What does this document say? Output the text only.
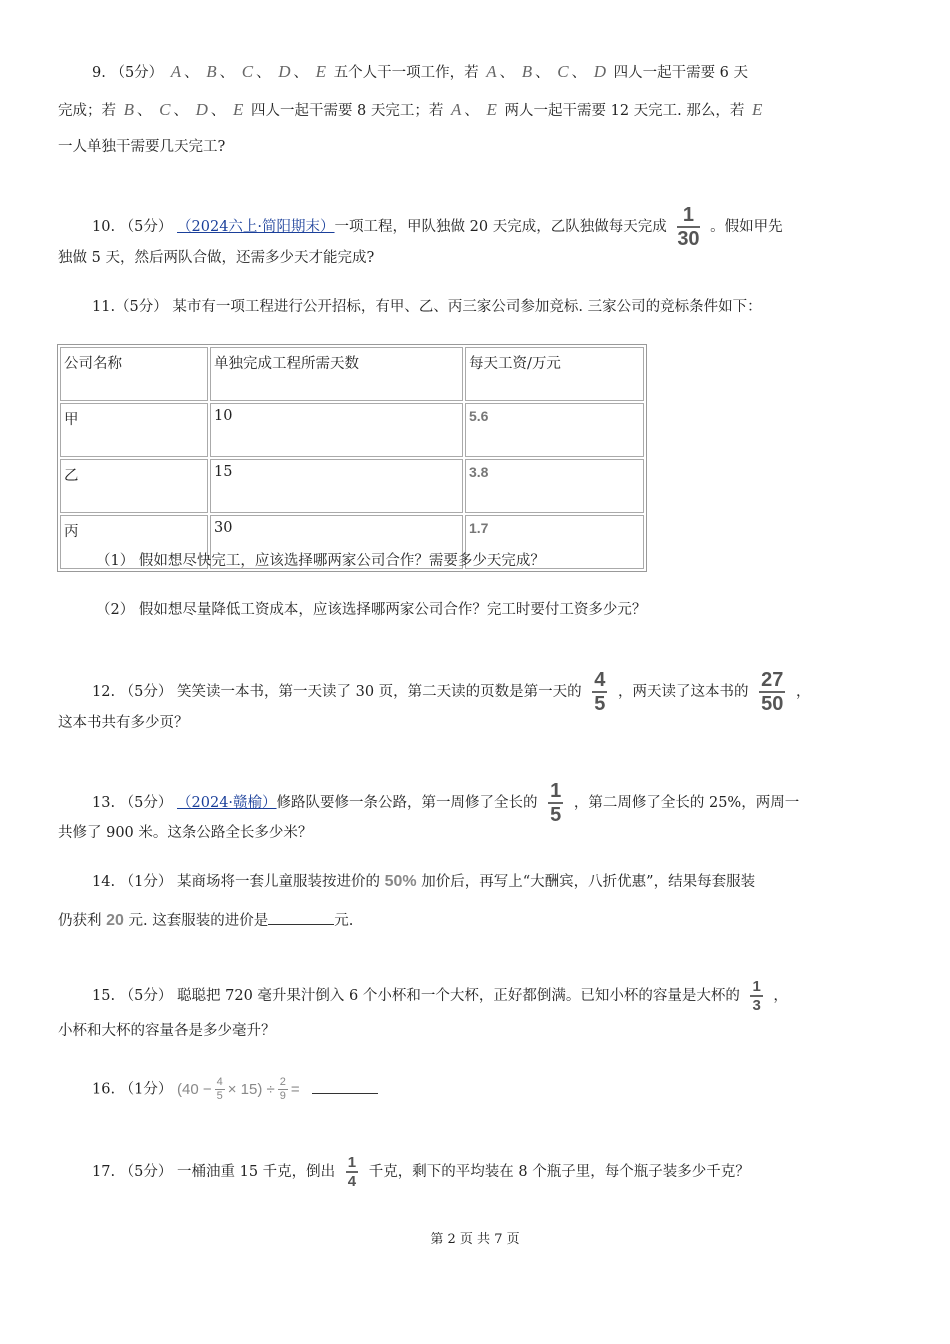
9. （5分） A 、 B 、 C 、 D 、 E 五个人干一项工作，若 A 、 B 、 C 、 D 四人一起干需要 6 天
完成；若 B 、 C 、 D 、 E 四人一起干需要 8 天完工；若 A 、 E 两人一起干需要 12 天完工. 那么，若 E
一人单独干需要几天完工?
10. （5分） （2024六上·简阳期末）一项工程，甲队独做 20 天完成，乙队独做每天完成 $\frac{1}{30}$ 。假如甲先
独做 5 天，然后两队合做，还需多少天才能完成?
11.（5分） 某市有一项工程进行公开招标，有甲、乙、丙三家公司参加竞标. 三家公司的竞标条件如下：
公司名称	单独完成工程所需天数	每天工资/万元
甲	10	5.6
乙	15	3.8
丙	30	1.7
（1） 假如想尽快完工，应该选择哪两家公司合作？需要多少天完成？
（2） 假如想尽量降低工资成本，应该选择哪两家公司合作？完工时要付工资多少元？
12. （5分） 笑笑读一本书，第一天读了 30 页，第二天读的页数是第一天的 $\frac{4}{5}$ ，两天读了这本书的 $\frac{27}{50}$ ，
这本书共有多少页？
13. （5分） （2024·赣榆）修路队要修一条公路，第一周修了全长的 $\frac{1}{5}$ ，第二周修了全长的 25%，两周一
共修了 900 米。这条公路全长多少米？
14. （1分） 某商场将一套儿童服装按进价的 50% 加价后，再写上“大酬宾，八折优惠”，结果每套服装
仍获利 20 元. 这套服装的进价是	元.
15. （5分） 聪聪把 720 毫升果汁倒入 6 个小杯和一个大杯，正好都倒满。已知小杯的容量是大杯的 $\frac{1}{3}$ ，
小杯和大杯的容量各是多少毫升？
16. （1分） $(40 - \frac{4}{5} \times 15) \div \frac{2}{9}$ =

17. （5分） 一桶油重 15 千克，倒出 $\frac{1}{4}$ 千克，剩下的平均装在 8 个瓶子里，每个瓶子装多少千克？
第 2 页 共 7 页
